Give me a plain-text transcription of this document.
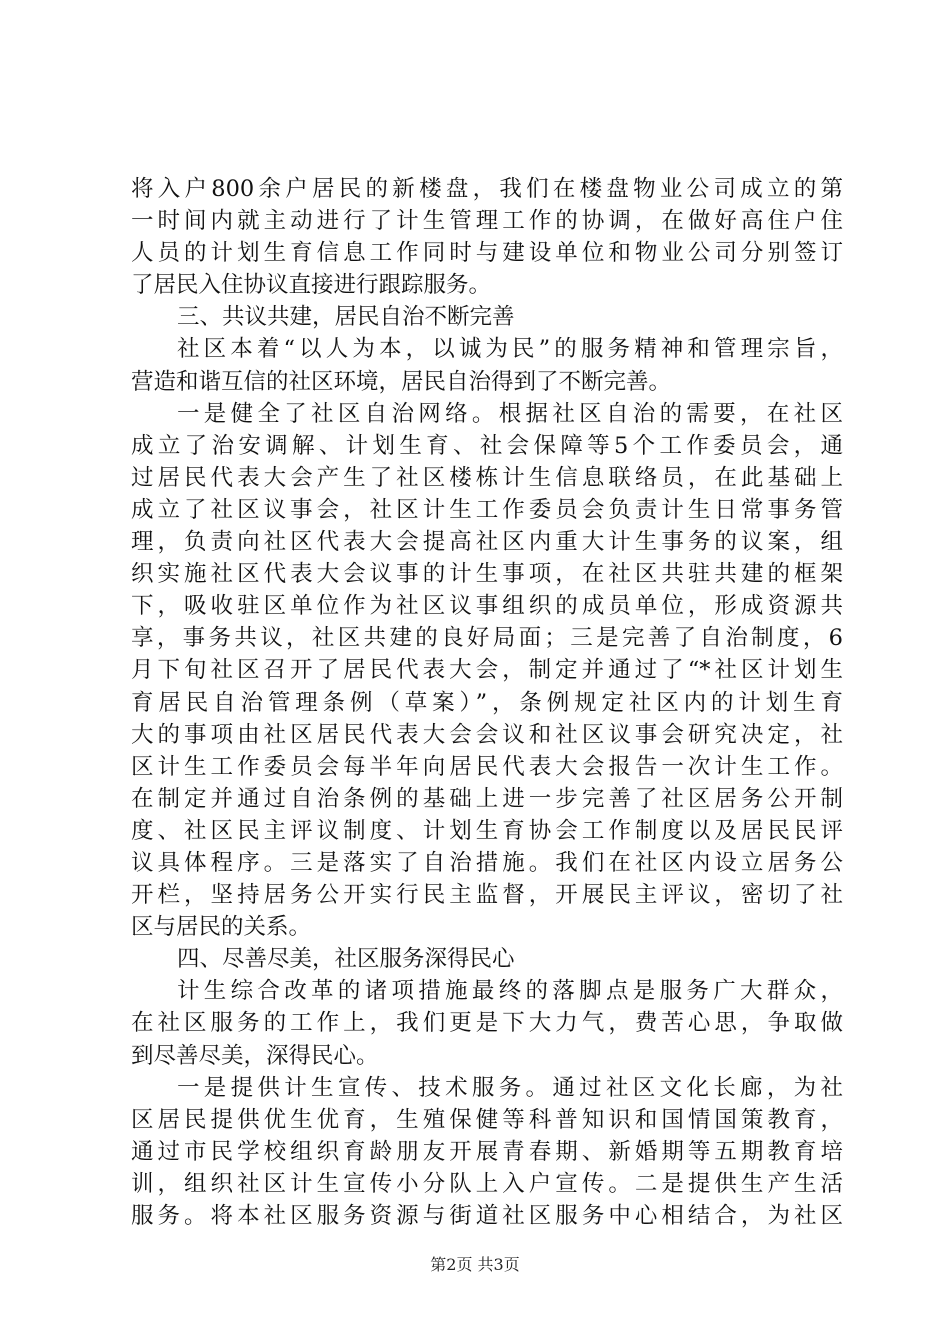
将入户800余户居民的新楼盘，我们在楼盘物业公司成立的第
一时间内就主动进行了计生管理工作的协调，在做好高住户住
人员的计划生育信息工作同时与建设单位和物业公司分别签订
了居民入住协议直接进行跟踪服务。
三、共议共建，居民自治不断完善
社区本着“以人为本，以诚为民”的服务精神和管理宗旨，
营造和谐互信的社区环境，居民自治得到了不断完善。
一是健全了社区自治网络。根据社区自治的需要，在社区
成立了治安调解、计划生育、社会保障等5个工作委员会，通
过居民代表大会产生了社区楼栋计生信息联络员，在此基础上
成立了社区议事会，社区计生工作委员会负责计生日常事务管
理，负责向社区代表大会提高社区内重大计生事务的议案，组
织实施社区代表大会议事的计生事项，在社区共驻共建的框架
下，吸收驻区单位作为社区议事组织的成员单位，形成资源共
享，事务共议，社区共建的良好局面；三是完善了自治制度，6
月下旬社区召开了居民代表大会，制定并通过了“*社区计划生
育居民自治管理条例（草案）”，条例规定社区内的计划生育
大的事项由社区居民代表大会会议和社区议事会研究决定，社
区计生工作委员会每半年向居民代表大会报告一次计生工作。
在制定并通过自治条例的基础上进一步完善了社区居务公开制
度、社区民主评议制度、计划生育协会工作制度以及居民民评
议具体程序。三是落实了自治措施。我们在社区内设立居务公
开栏，坚持居务公开实行民主监督，开展民主评议，密切了社
区与居民的关系。
四、尽善尽美，社区服务深得民心
计生综合改革的诸项措施最终的落脚点是服务广大群众，
在社区服务的工作上，我们更是下大力气，费苦心思，争取做
到尽善尽美，深得民心。
一是提供计生宣传、技术服务。通过社区文化长廊，为社
区居民提供优生优育，生殖保健等科普知识和国情国策教育，
通过市民学校组织育龄朋友开展青春期、新婚期等五期教育培
训，组织社区计生宣传小分队上入户宣传。二是提供生产生活
服务。将本社区服务资源与街道社区服务中心相结合，为社区
第2页 共3页
